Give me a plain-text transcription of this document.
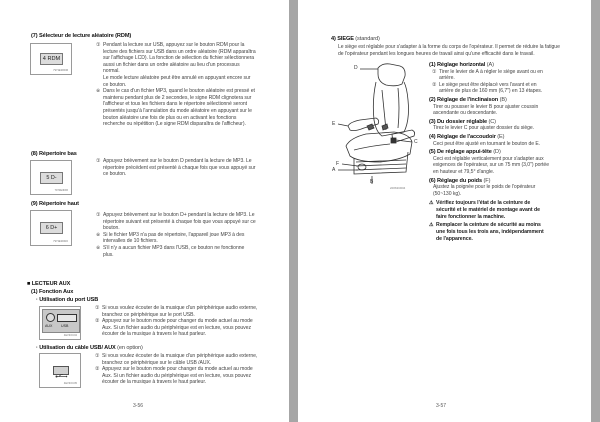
(7) Sélecteur de lecture aléatoire (RDM)
4 RDM
7973E3RDM

① Pendant la lecture sur USB, appuyez sur le bouton RDM pour la lecture des fichiers sur USB dans un ordre aléatoire (RDM apparaîtra sur l'affichage LCD). La fonction de sélection du fichier sélectionnera aussi un fichier dans un ordre aléatoire au lieu d'un processus normal.

Le mode lecture aléatoire peut être annulé en appuyant encore sur ce bouton.

※ Dans le cas d'un fichier MP3, quand le bouton aléatoire est pressé et maintenu pendant plus de 2 secondes, le signe RDM clignotera sur l'afficheur et tous les fichiers dans le répertoire sélectionné seront présentés jusqu'à l'annulation du mode aléatoire en appuyant sur le bouton aléatoire une fois de plus ou en activant les fonctions recherche ou répétition (Le signe RDM disparaîtra de l'afficheur).

(8) Répertoire bas
5 D-
7973E3DIR

① Appuyez brièvement sur le bouton D pendant la lecture de MP3. Le répertoire précédent est présenté à chaque fois que vous appuyé sur ce bouton.

(9) Répertoire haut
6 D+
7973E3DIR2

① Appuyez brièvement sur le bouton D+ pendant la lecture de MP3. Le répertoire suivant est présenté à chaque fois que vous appuyé sur ce bouton.

※ Si le fichier MP3 n'a pas de répertoire, l'appareil joue MP3 à des intervalles de 10 fichiers.

※ S'il n'y a aucun fichier MP3 dans l'USB, ce bouton ne fonctionne plus.

■ LECTEUR AUX
(1) Fonction Aux
· Utilisation du port USB
AUX USB
4EV3OC04

① Si vous voulez écouter de la musique d'un périphérique audio externe, branchez ce périphérique sur le port USB.

② Appuyez sur le bouton mode pour changer du mode actuel au mode Aux. Si un fichier audio du périphérique est en lecture, vous pouvez écouter de la musique à travers le haut parleur.

· Utilisation du câble USB/ AUX (en option)
4EV3OC05

① Si vous voulez écouter de la musique d'un périphérique audio externe, branchez ce périphérique sur le câble USB /AUX.

② Appuyez sur le bouton mode pour changer du mode actuel au mode Aux. Si un fichier audio du périphérique est en lecture, vous pouvez écouter de la musique à travers le haut parleur.

3-56
4) SIEGE (standard)
Le siège est réglable pour s'adapter à la forme du corps de l'opérateur. Il permet de réduire la fatigue de l'opérateur pendant les longues heures de travail ainsi qu'une efficacité dans le travail.
D
E
C
F
A
B
220S3CD04
(1) Réglage horizontal (A)

① Tirer le levier de A à régler le siège avant ou en arrière.

② Le siège peut être déplacé vers l'avant et en arrière de plus de 160 mm (6,7") en 13 étapes.

(2) Réglage de l'inclinaison (B)

Tirer ou pousser le levier B pour ajuster coussin ascendante ou descendante.

(3) Du dossier réglable (C)

Tirez le levier C pour ajuster dossier du siège.

(4) Réglage de l'accoudoir (E)

Ceci peut être ajusté en tournant le bouton de E.

(5) De réglage appui-tête (D)

Ceci est réglable verticalement pour s'adapter aux exigences de l'opérateur, sur un 75 mm (3,0") portée en hauteur et 79,5° d'angle.

(6) Réglage du poids (F)

Ajustez la poignée pour le poids de l'opérateur (50~130 kg).

⚠ Vérifiez toujours l'état de la ceinture de sécurité et le matériel de montage avant de faire fonctionner la machine.

⚠ Remplacer la ceinture de sécurité au moins une fois tous les trois ans, indépendamment de l'apparence.

3-57
